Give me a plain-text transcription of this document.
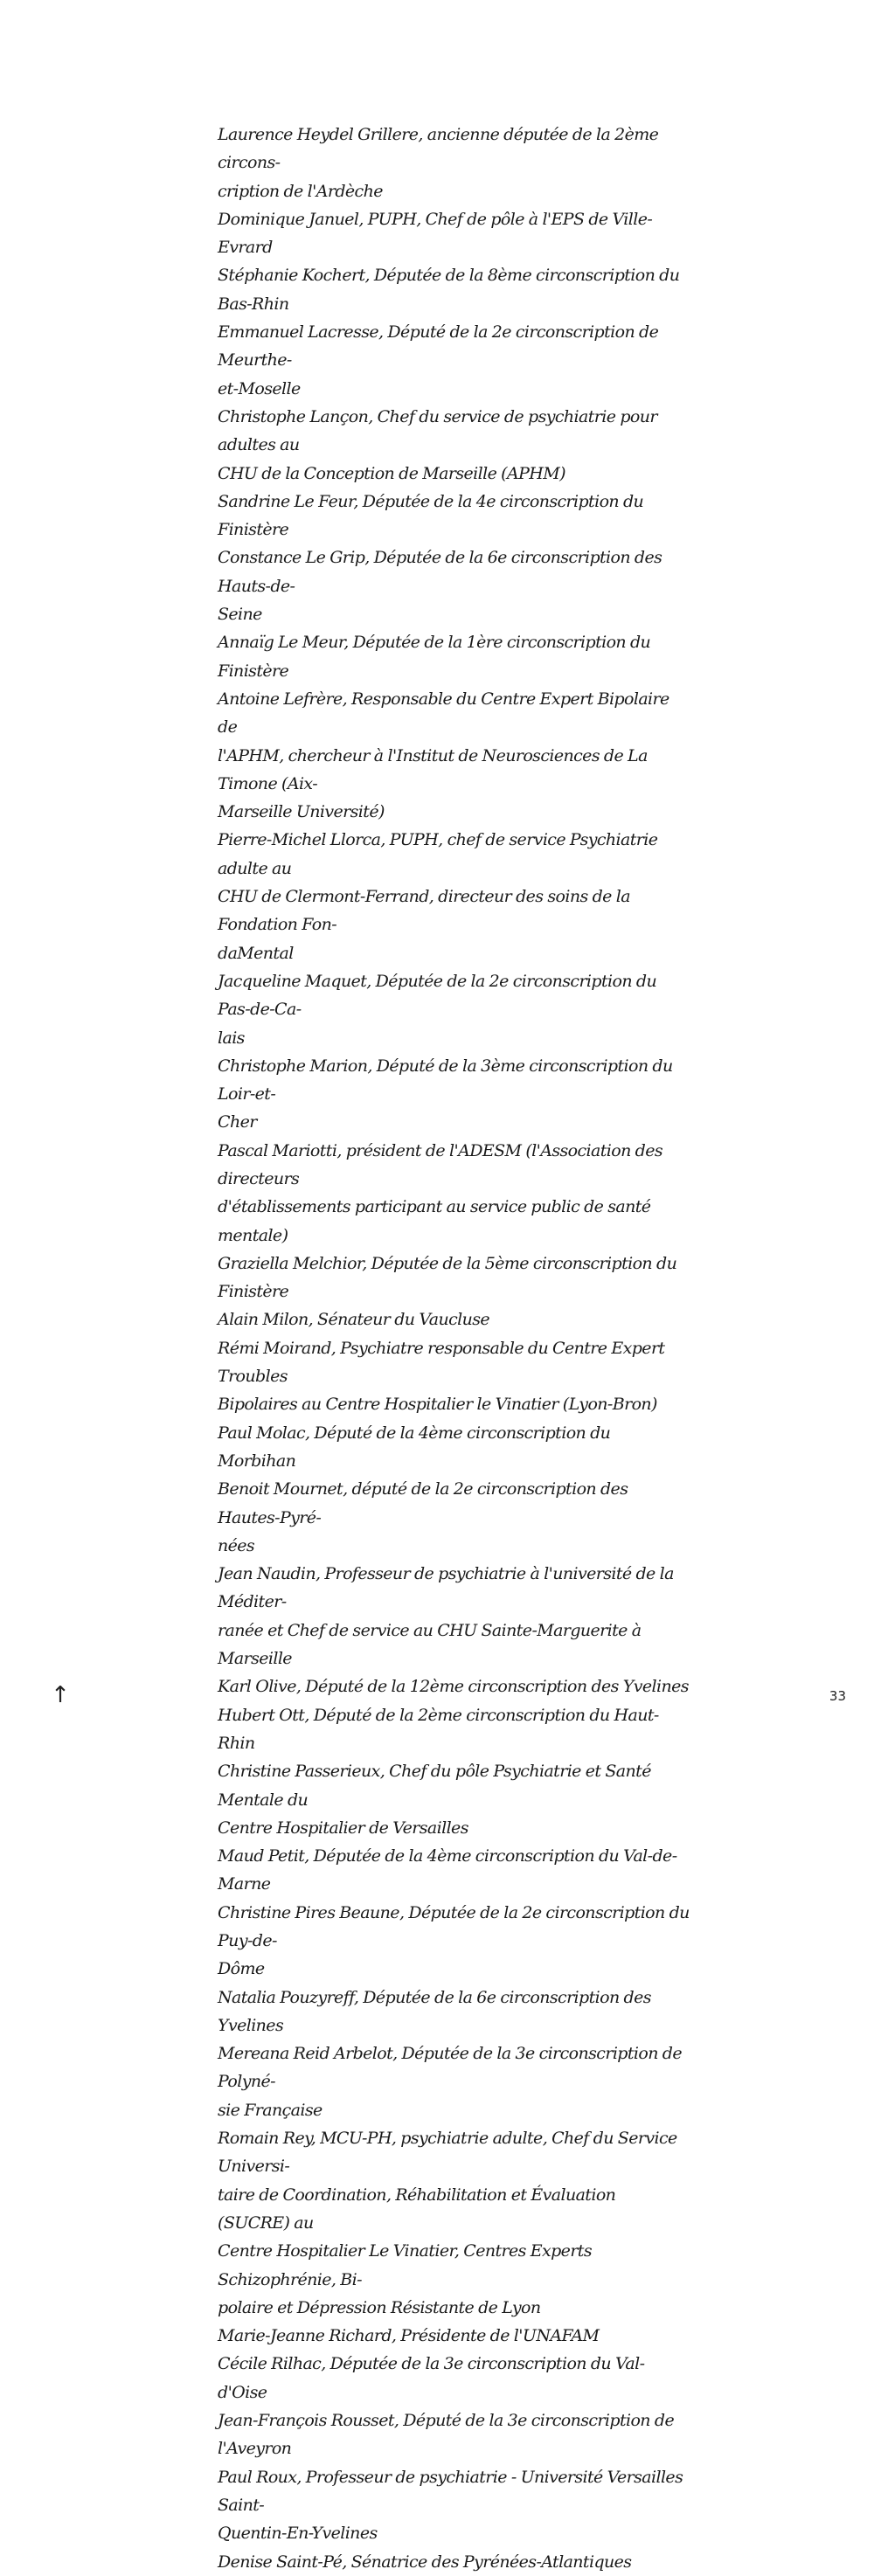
Laurence Heydel Grillere, ancienne députée de la 2ème circons-
cription de l'Ardèche

Dominique Januel, PUPH, Chef de pôle à l'EPS de Ville-Evrard

Stéphanie Kochert, Députée de la 8ème circonscription du Bas-Rhin

Emmanuel Lacresse, Député de la 2e circonscription de Meurthe-
et-Moselle

Christophe Lançon, Chef du service de psychiatrie pour adultes au
CHU de la Conception de Marseille (APHM)

Sandrine Le Feur, Députée de la 4e circonscription du Finistère

Constance Le Grip, Députée de la 6e circonscription des Hauts-de-
Seine

Annaïg Le Meur, Députée de la 1ère circonscription du Finistère

Antoine Lefrère, Responsable du Centre Expert Bipolaire de
l'APHM, chercheur à l'Institut de Neurosciences de La Timone (Aix-
Marseille Université)

Pierre-Michel Llorca, PUPH, chef de service Psychiatrie adulte au
CHU de Clermont-Ferrand, directeur des soins de la Fondation Fon-
daMental

Jacqueline Maquet, Députée de la 2e circonscription du Pas-de-Ca-
lais

Christophe Marion, Député de la 3ème circonscription du Loir-et-
Cher

Pascal Mariotti, président de l'ADESM (l'Association des directeurs
d'établissements participant au service public de santé mentale)

Graziella Melchior, Députée de la 5ème circonscription du Finistère

Alain Milon, Sénateur du Vaucluse

Rémi Moirand, Psychiatre responsable du Centre Expert Troubles
Bipolaires au Centre Hospitalier le Vinatier (Lyon-Bron)

Paul Molac, Député de la 4ème circonscription du Morbihan

Benoit Mournet, député de la 2e circonscription des Hautes-Pyré-
nées

Jean Naudin, Professeur de psychiatrie à l'université de la Méditer-
ranée et Chef de service au CHU Sainte-Marguerite à Marseille

Karl Olive, Député de la 12ème circonscription des Yvelines

Hubert Ott, Député de la 2ème circonscription du Haut-Rhin

Christine Passerieux, Chef du pôle Psychiatrie et Santé Mentale du
Centre Hospitalier de Versailles

Maud Petit, Députée de la 4ème circonscription du Val-de-Marne

Christine Pires Beaune, Députée de la 2e circonscription du Puy-de-
Dôme

Natalia Pouzyreff, Députée de la 6e circonscription des Yvelines

Mereana Reid Arbelot, Députée de la 3e circonscription de Polyné-
sie Française

Romain Rey, MCU-PH, psychiatrie adulte, Chef du Service Universi-
taire de Coordination, Réhabilitation et Évaluation (SUCRE) au
Centre Hospitalier Le Vinatier, Centres Experts Schizophrénie, Bi-
polaire et Dépression Résistante de Lyon

Marie-Jeanne Richard, Présidente de l'UNAFAM

Cécile Rilhac, Députée de la 3e circonscription du Val-d'Oise

Jean-François Rousset, Député de la 3e circonscription de l'Aveyron

Paul Roux, Professeur de psychiatrie - Université Versailles Saint-
Quentin-En-Yvelines

Denise Saint-Pé, Sénatrice des Pyrénées-Atlantiques

↑	33
